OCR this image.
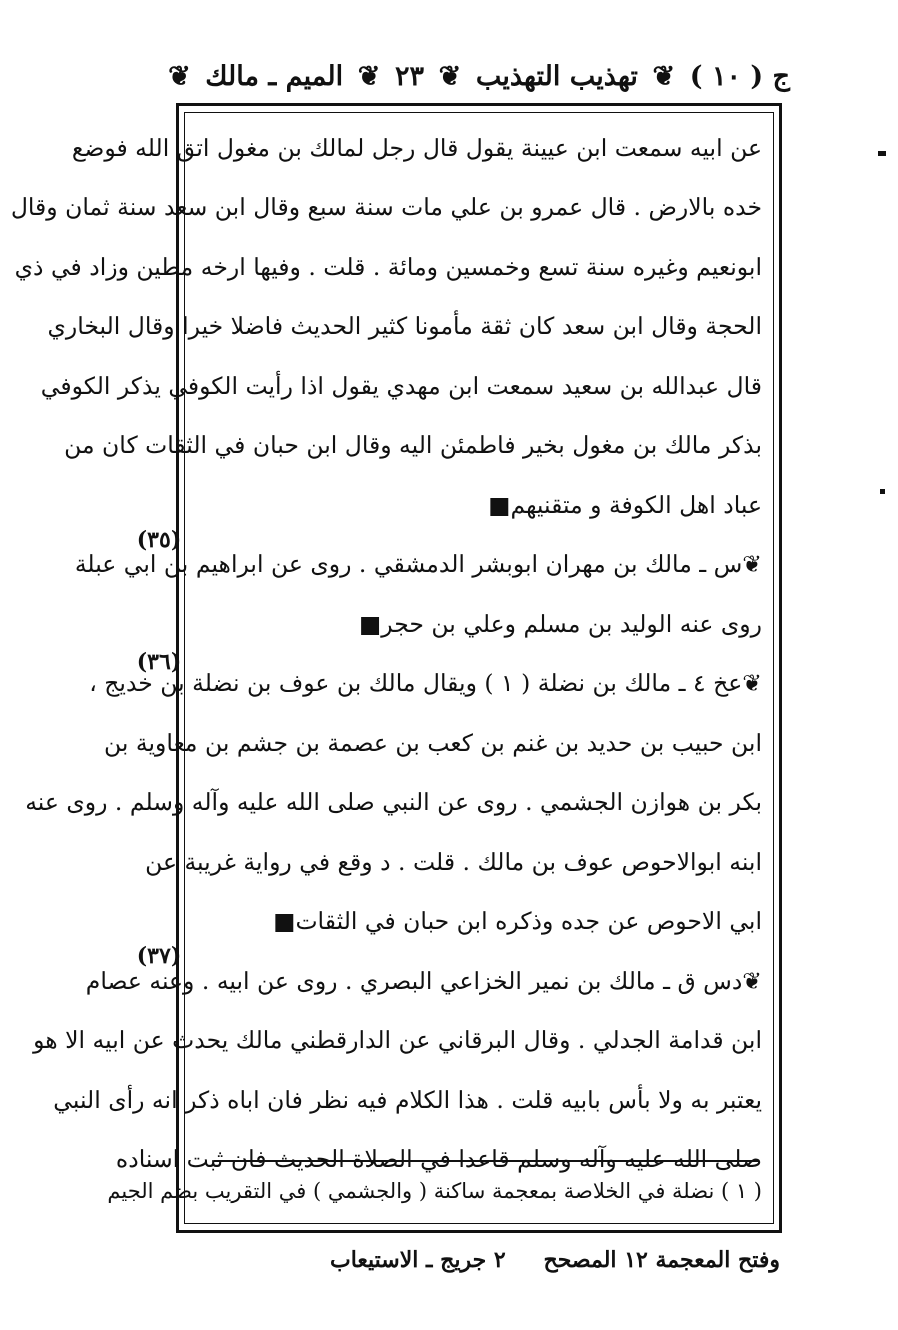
ج ( ١٠ )
❦
تهذيب التهذيب
❦
٢٣
❦
الميم ـ مالك
❦
(٣٥)
(٣٦)
(٣٧)
عن ابيه سمعت ابن عيينة يقول قال رجل لمالك بن مغول اتق الله فوضع
خده بالارض . قال عمرو بن علي مات سنة سبع وقال ابن سعد سنة ثمان وقال
ابونعيم وغيره سنة تسع وخمسين ومائة . قلت . وفيها ارخه مطين وزاد في ذي
الحجة وقال ابن سعد كان ثقة مأمونا كثير الحديث فاضلا خيرا وقال البخاري
قال عبدالله بن سعيد سمعت ابن مهدي يقول اذا رأيت الكوفي يذكر الكوفي
بذكر مالك بن مغول بخير فاطمئن اليه وقال ابن حبان في الثقات كان من
عباد اهل الكوفة و متقنيهم
■
❦
س ـ مالك بن مهران ابوبشر الدمشقي . روى عن ابراهيم بن ابي عبلة
روى عنه الوليد بن مسلم وعلي بن حجر
■
❦
عخ ٤ ـ مالك بن نضلة ( ١ ) ويقال مالك بن عوف بن نضلة بن خديج ،
ابن حبيب بن حديد بن غنم بن كعب بن عصمة بن جشم بن معاوية بن
بكر بن هوازن الجشمي . روى عن النبي صلى الله عليه وآله وسلم . روى عنه
ابنه ابوالاحوص عوف بن مالك . قلت . د وقع في رواية غريبة عن
ابي الاحوص عن جده وذكره ابن حبان في الثقات
■
❦
دس ق ـ مالك بن نمير الخزاعي البصري . روى عن ابيه . وعنه عصام
ابن قدامة الجدلي . وقال البرقاني عن الدارقطني مالك يحدث عن ابيه الا هو
يعتبر به ولا بأس بابيه قلت . هذا الكلام فيه نظر فان اباه ذكر انه رأى النبي
صلى الله عليه وآله وسلم قاعدا في الصلاة الحديث فان ثبت اسناده
( ١ ) نضلة في الخلاصة بمعجمة ساكنة ( والجشمي ) في التقريب بضم الجيم
وفتح المعجمة ١٢ المصحح
٢ جريج ـ الاستيعاب
